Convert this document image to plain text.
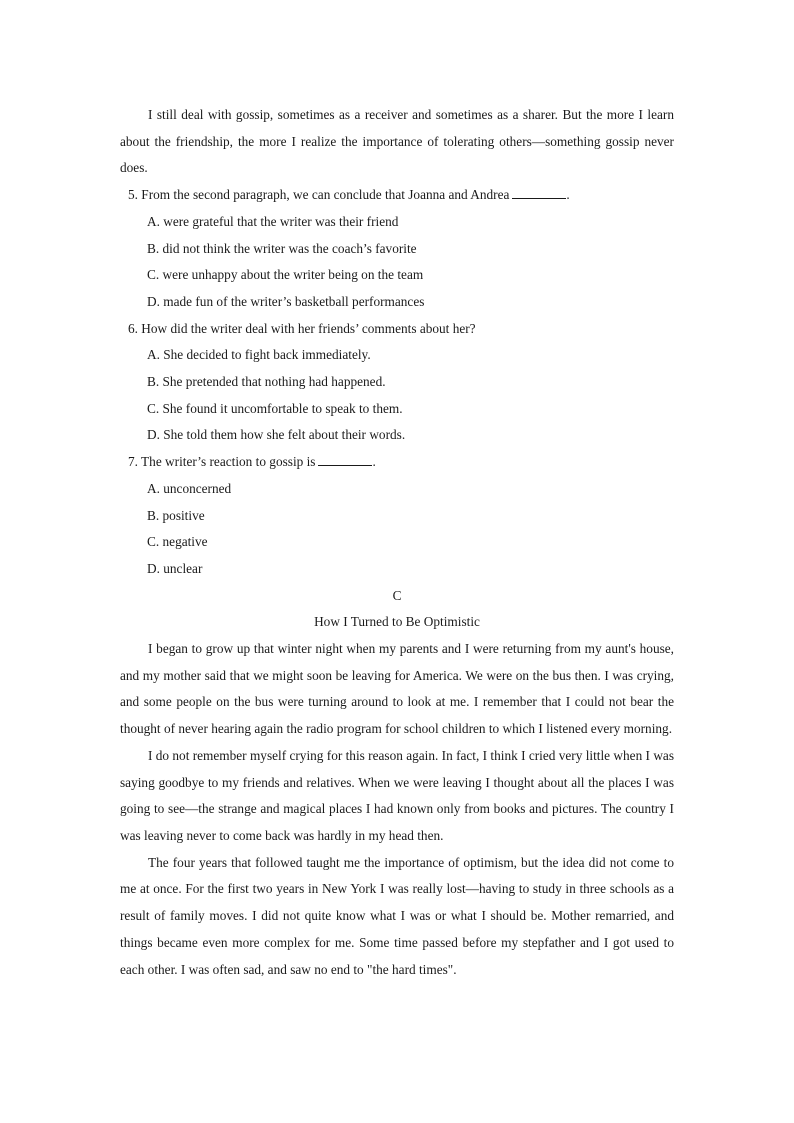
I still deal with gossip, sometimes as a receiver and sometimes as a sharer. But the more I learn about the friendship, the more I realize the importance of tolerating others—something gossip never does.

5. From the second paragraph, we can conclude that Joanna and Andrea	.

A. were grateful that the writer was their friend

B. did not think the writer was the coach’s favorite

C. were unhappy about the writer being on the team

D. made fun of the writer’s basketball performances

6. How did the writer deal with her friends’ comments about her?

A. She decided to fight back immediately.

B. She pretended that nothing had happened.

C. She found it uncomfortable to speak to them.

D. She told them how she felt about their words.

7. The writer’s reaction to gossip is	.

A. unconcerned

B. positive

C. negative

D. unclear

C

How I Turned to Be Optimistic

I began to grow up that winter night when my parents and I were returning from my aunt's house, and my mother said that we might soon be leaving for America. We were on the bus then. I was crying, and some people on the bus were turning around to look at me. I remember that I could not bear the thought of never hearing again the radio program for school children to which I listened every morning.

I do not remember myself crying for this reason again. In fact, I think I cried very little when I was saying goodbye to my friends and relatives. When we were leaving I thought about all the places I was going to see—the strange and magical places I had known only from books and pictures. The country I was leaving never to come back was hardly in my head then.

The four years that followed taught me the importance of optimism, but the idea did not come to me at once. For the first two years in New York I was really lost—having to study in three schools as a result of family moves. I did not quite know what I was or what I should be. Mother remarried, and things became even more complex for me. Some time passed before my stepfather and I got used to each other. I was often sad, and saw no end to "the hard times".
